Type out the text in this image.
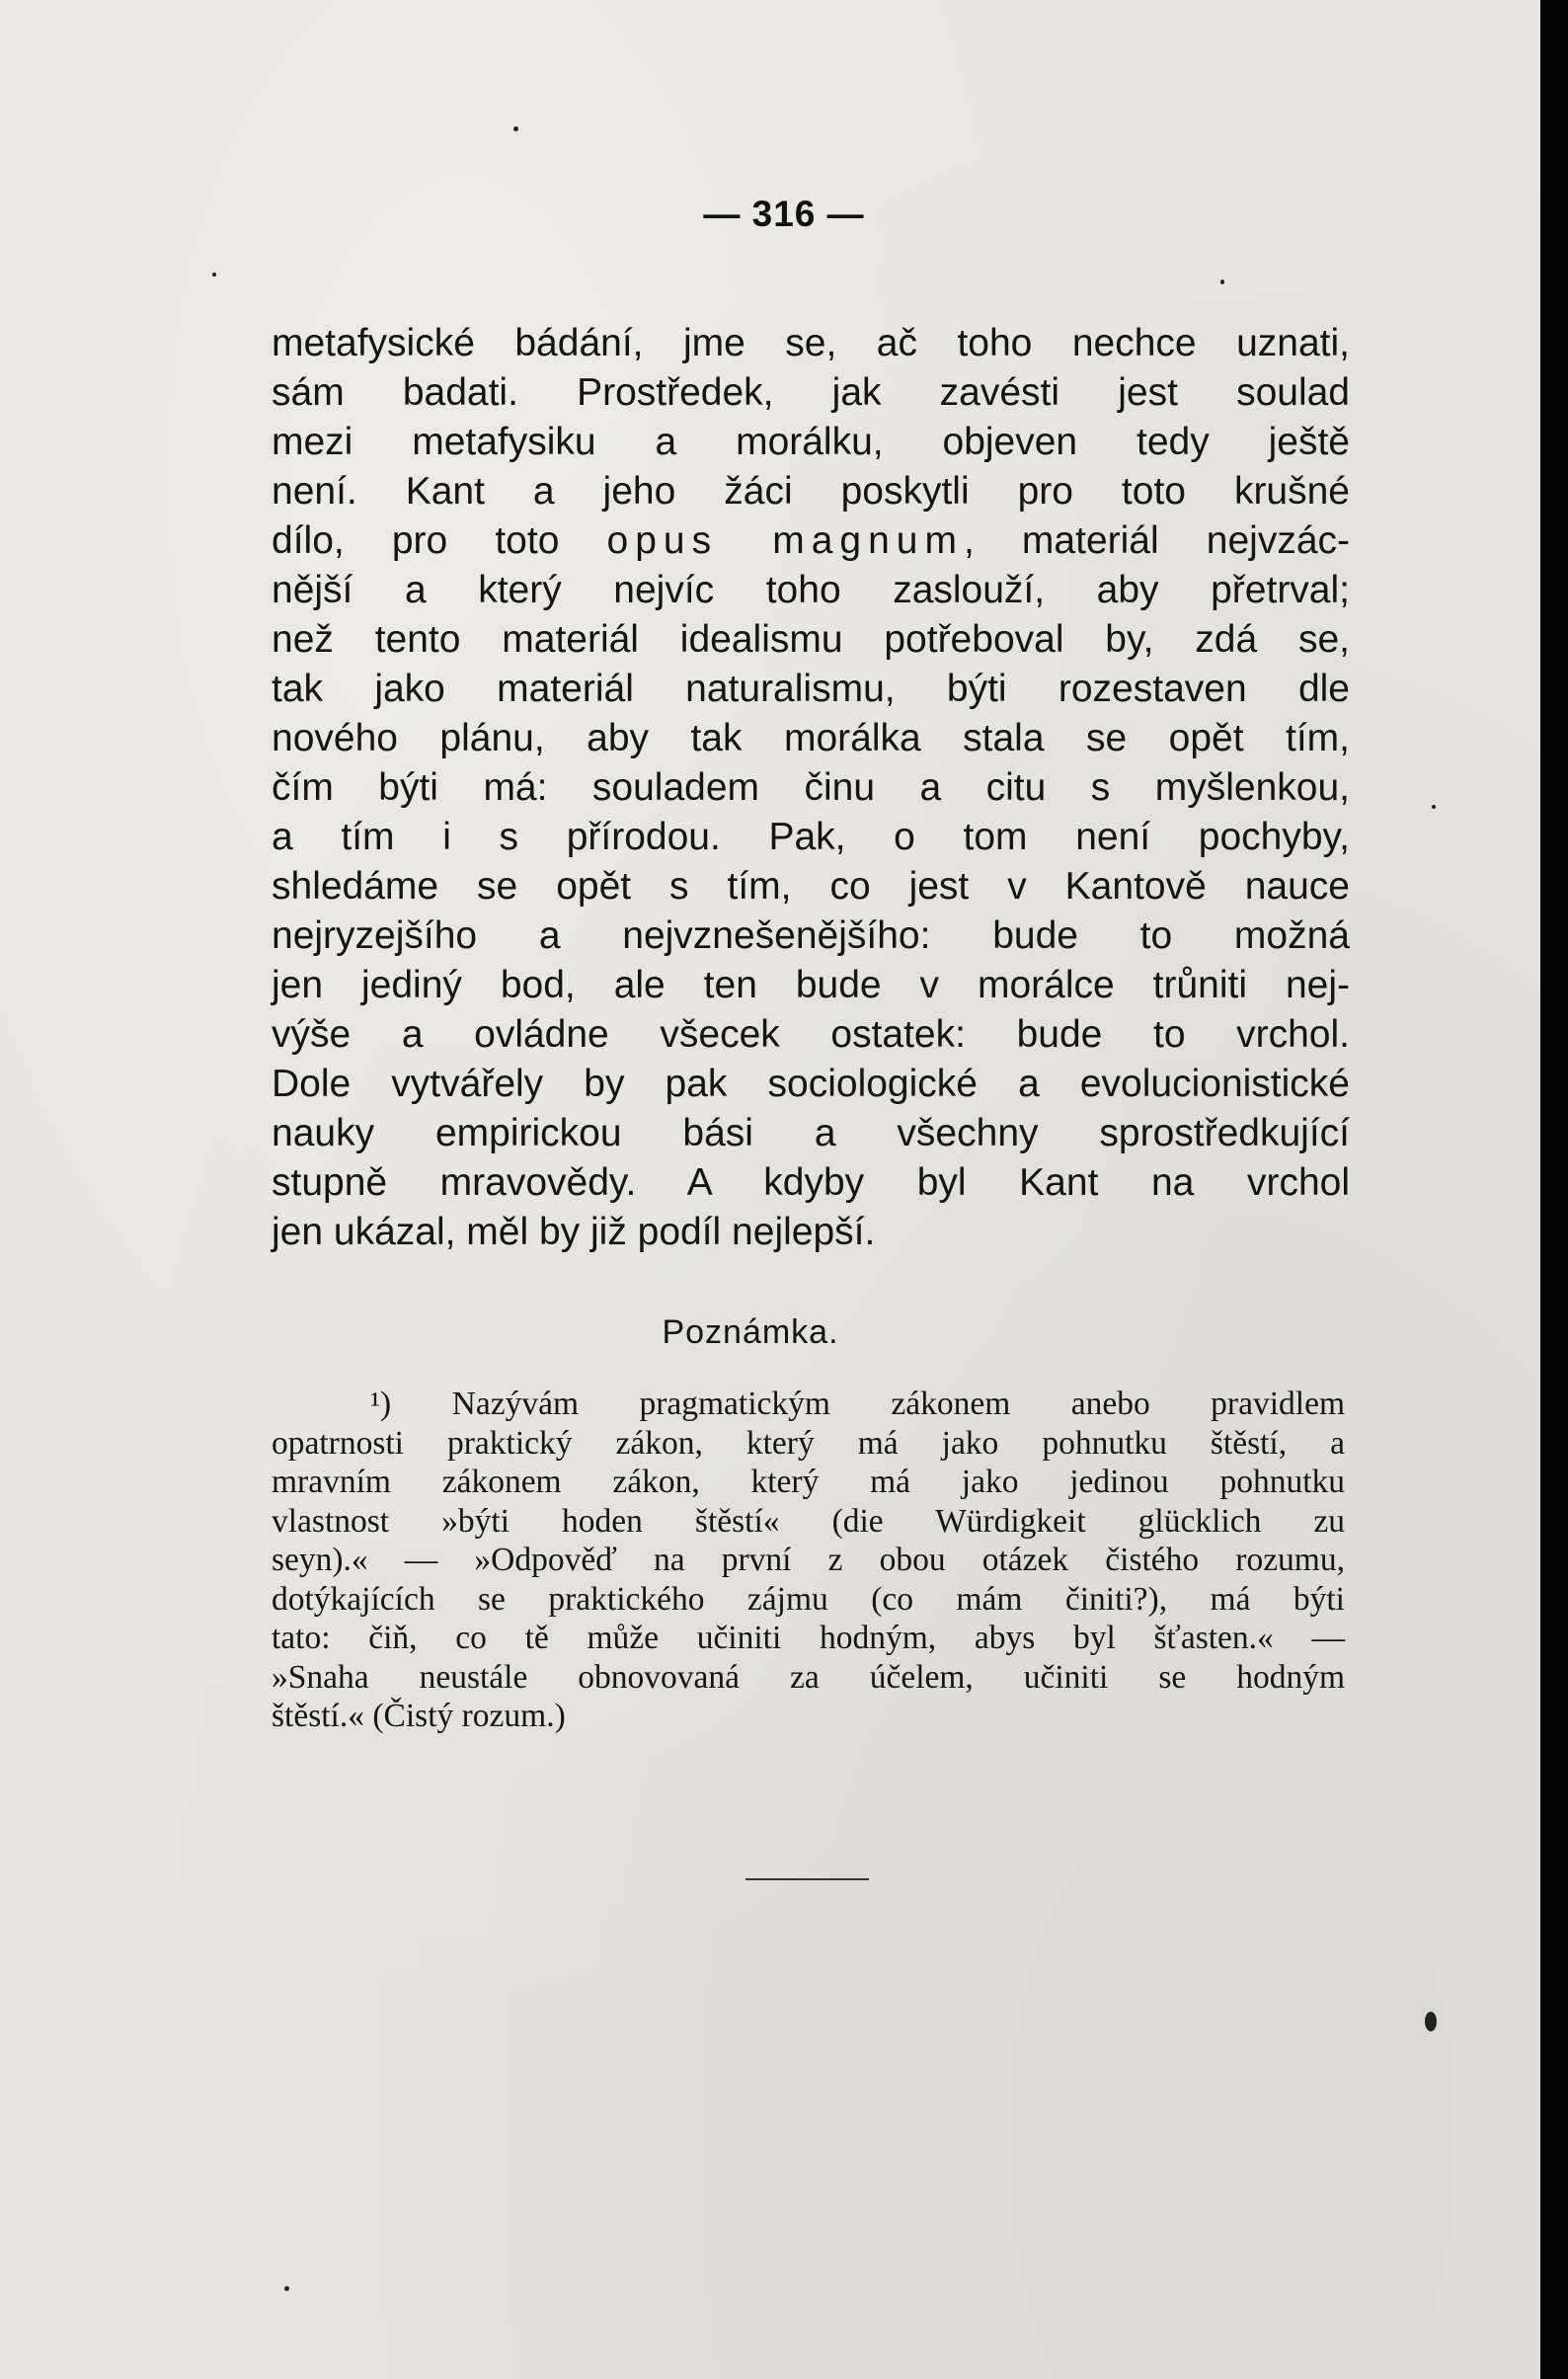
— 316 —
metafysické bádání, jme se, ač toho nechce uznati,
sám badati. Prostředek, jak zavésti jest soulad
mezi metafysiku a morálku, objeven tedy ještě
není. Kant a jeho žáci poskytli pro toto krušné
dílo, pro toto opus magnum, materiál nejvzác-
nější a který nejvíc toho zaslouží, aby přetrval;
než tento materiál idealismu potřeboval by, zdá se,
tak jako materiál naturalismu, býti rozestaven dle
nového plánu, aby tak morálka stala se opět tím,
čím býti má: souladem činu a citu s myšlenkou,
a tím i s přírodou. Pak, o tom není pochyby,
shledáme se opět s tím, co jest v Kantově nauce
nejryzejšího a nejvznešenějšího: bude to možná
jen jediný bod, ale ten bude v morálce trůniti nej-
výše a ovládne všecek ostatek: bude to vrchol.
Dole vytvářely by pak sociologické a evolucionistické
nauky empirickou bási a všechny sprostředkující
stupně mravovědy. A kdyby byl Kant na vrchol
jen ukázal, měl by již podíl nejlepší.
Poznámka.
¹) Nazývám pragmatickým zákonem anebo pravidlem
opatrnosti praktický zákon, který má jako pohnutku štěstí, a
mravním zákonem zákon, který má jako jedinou pohnutku
vlastnost »býti hoden štěstí« (die Würdigkeit glücklich zu
seyn).« — »Odpověď na první z obou otázek čistého rozumu,
dotýkajících se praktického zájmu (co mám činiti?), má býti
tato: čiň, co tě může učiniti hodným, abys byl šťasten.« —
»Snaha neustále obnovovaná za účelem, učiniti se hodným
štěstí.« (Čistý rozum.)
